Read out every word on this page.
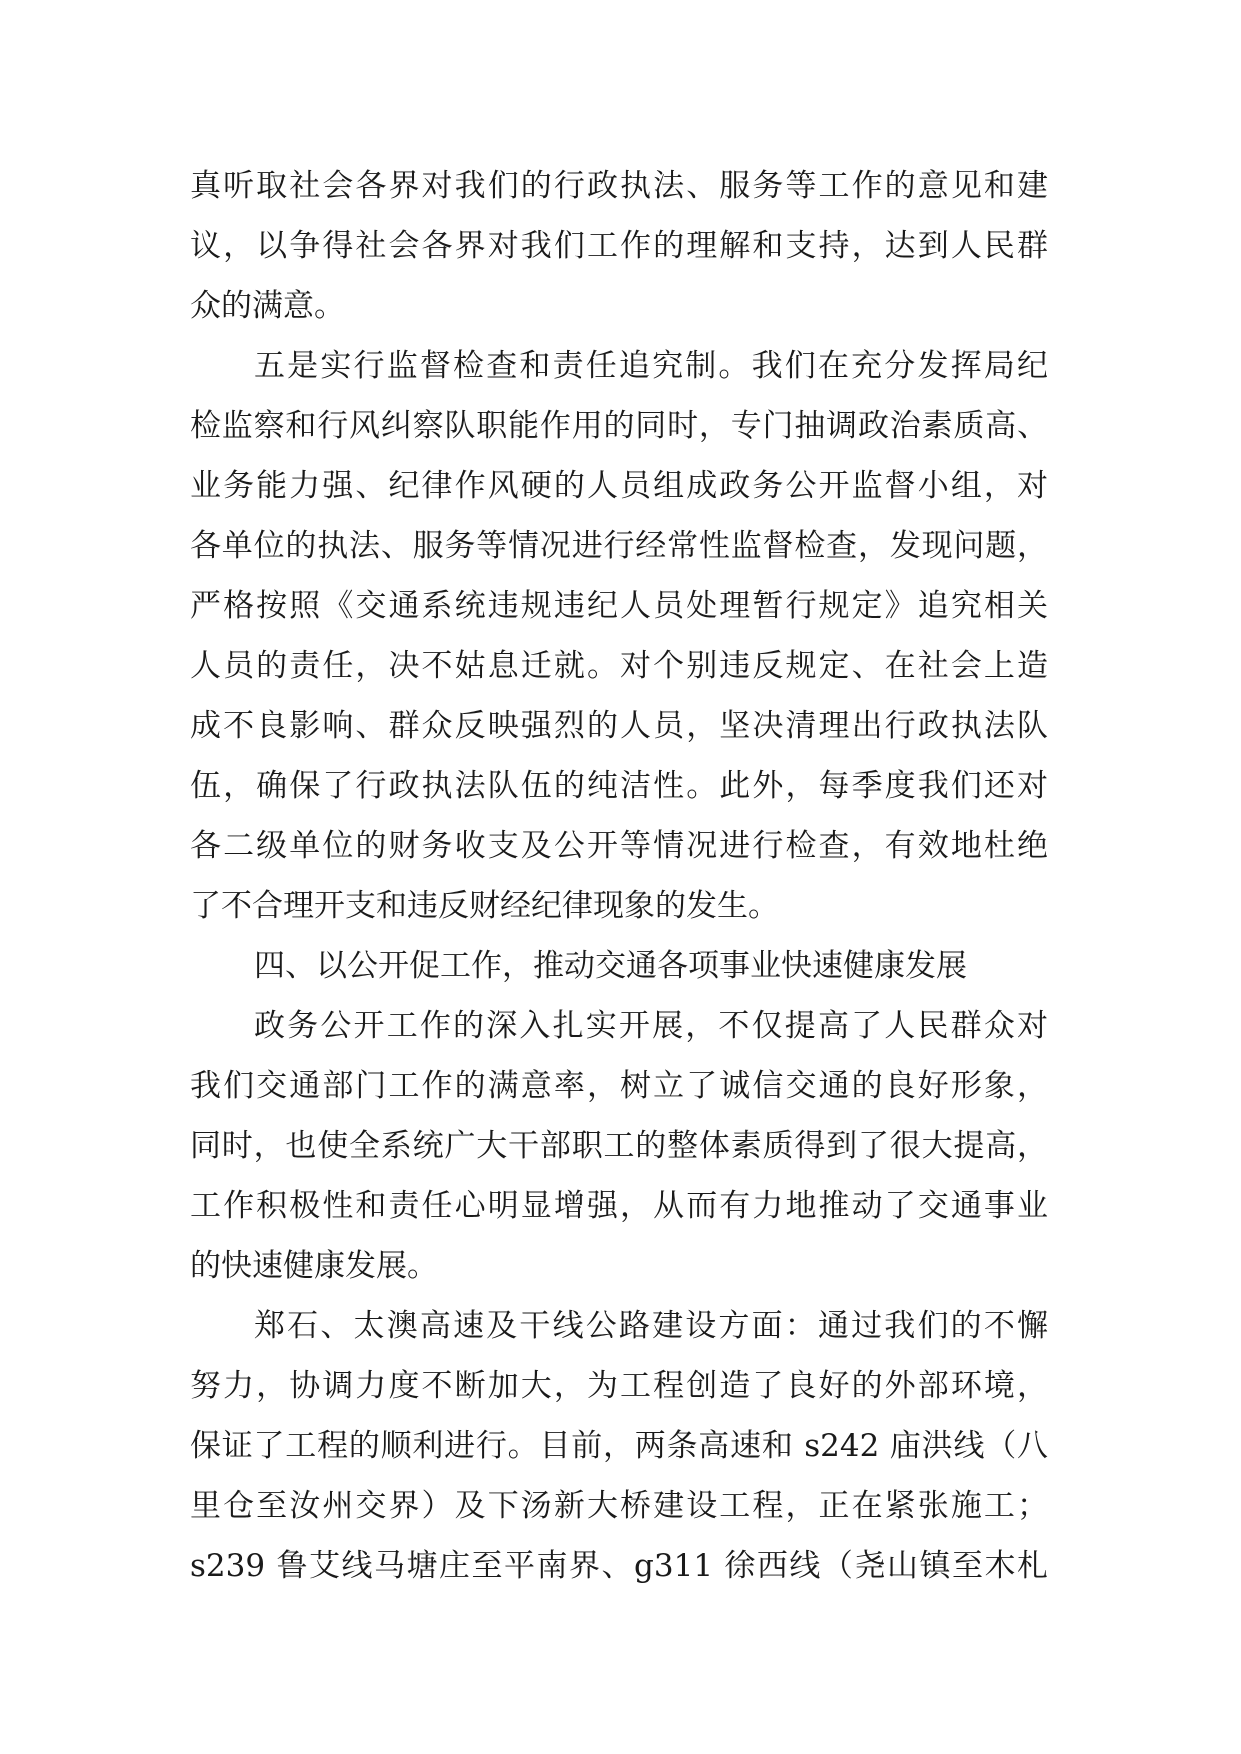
真听取社会各界对我们的行政执法、服务等工作的意见和建
议，以争得社会各界对我们工作的理解和支持，达到人民群
众的满意。
五是实行监督检查和责任追究制。我们在充分发挥局纪
检监察和行风纠察队职能作用的同时，专门抽调政治素质高、
业务能力强、纪律作风硬的人员组成政务公开监督小组，对
各单位的执法、服务等情况进行经常性监督检查，发现问题，
严格按照《交通系统违规违纪人员处理暂行规定》追究相关
人员的责任，决不姑息迁就。对个别违反规定、在社会上造
成不良影响、群众反映强烈的人员，坚决清理出行政执法队
伍，确保了行政执法队伍的纯洁性。此外，每季度我们还对
各二级单位的财务收支及公开等情况进行检查，有效地杜绝
了不合理开支和违反财经纪律现象的发生。
四、以公开促工作，推动交通各项事业快速健康发展
政务公开工作的深入扎实开展，不仅提高了人民群众对
我们交通部门工作的满意率，树立了诚信交通的良好形象，
同时，也使全系统广大干部职工的整体素质得到了很大提高，
工作积极性和责任心明显增强，从而有力地推动了交通事业
的快速健康发展。
郑石、太澳高速及干线公路建设方面：通过我们的不懈
努力，协调力度不断加大，为工程创造了良好的外部环境，
保证了工程的顺利进行。目前，两条高速和 s242 庙洪线（八
里仓至汝州交界）及下汤新大桥建设工程，正在紧张施工；
s239 鲁艾线马塘庄至平南界、g311 徐西线（尧山镇至木札
